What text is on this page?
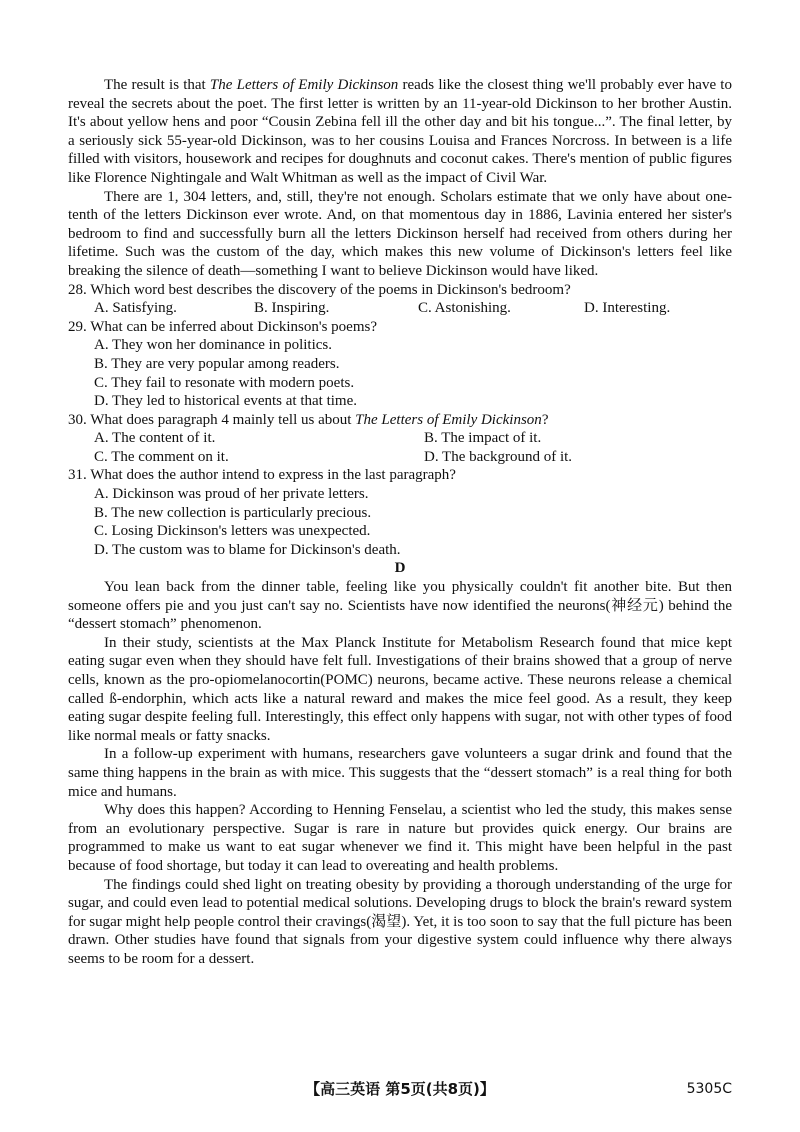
The result is that The Letters of Emily Dickinson reads like the closest thing we'll probably ever have to reveal the secrets about the poet. The first letter is written by an 11-year-old Dickinson to her brother Austin. It's about yellow hens and poor “Cousin Zebina fell ill the other day and bit his tongue...”. The final letter, by a seriously sick 55-year-old Dickinson, was to her cousins Louisa and Frances Norcross. In between is a life filled with visitors, housework and recipes for doughnuts and coconut cakes. There's mention of public figures like Florence Nightingale and Walt Whitman as well as the impact of Civil War.

There are 1, 304 letters, and, still, they're not enough. Scholars estimate that we only have about one-tenth of the letters Dickinson ever wrote. And, on that momentous day in 1886, Lavinia entered her sister's bedroom to find and successfully burn all the letters Dickinson herself had received from others during her lifetime. Such was the custom of the day, which makes this new volume of Dickinson's letters feel like breaking the silence of death—something I want to believe Dickinson would have liked.

28. Which word best describes the discovery of the poems in Dickinson's bedroom?

A. Satisfying.	B. Inspiring.	C. Astonishing.	D. Interesting.

29. What can be inferred about Dickinson's poems?

A. They won her dominance in politics.

B. They are very popular among readers.

C. They fail to resonate with modern poets.

D. They led to historical events at that time.

30. What does paragraph 4 mainly tell us about The Letters of Emily Dickinson?

A. The content of it.	B. The impact of it.
C. The comment on it.	D. The background of it.

31. What does the author intend to express in the last paragraph?

A. Dickinson was proud of her private letters.

B. The new collection is particularly precious.

C. Losing Dickinson's letters was unexpected.

D. The custom was to blame for Dickinson's death.

D

You lean back from the dinner table, feeling like you physically couldn't fit another bite. But then someone offers pie and you just can't say no. Scientists have now identified the neurons(神经元) behind the “dessert stomach” phenomenon.

In their study, scientists at the Max Planck Institute for Metabolism Research found that mice kept eating sugar even when they should have felt full. Investigations of their brains showed that a group of nerve cells, known as the pro-opiomelanocortin(POMC) neurons, became active. These neurons release a chemical called ß-endorphin, which acts like a natural reward and makes the mice feel good. As a result, they keep eating sugar despite feeling full. Interestingly, this effect only happens with sugar, not with other types of food like normal meals or fatty snacks.

In a follow-up experiment with humans, researchers gave volunteers a sugar drink and found that the same thing happens in the brain as with mice. This suggests that the “dessert stomach” is a real thing for both mice and humans.

Why does this happen? According to Henning Fenselau, a scientist who led the study, this makes sense from an evolutionary perspective. Sugar is rare in nature but provides quick energy. Our brains are programmed to make us want to eat sugar whenever we find it. This might have been helpful in the past because of food shortage, but today it can lead to overeating and health problems.

The findings could shed light on treating obesity by providing a thorough understanding of the urge for sugar, and could even lead to potential medical solutions. Developing drugs to block the brain's reward system for sugar might help people control their cravings(渴望). Yet, it is too soon to say that the full picture has been drawn. Other studies have found that signals from your digestive system could influence why there always seems to be room for a dessert.

【高三英语 第5页(共8页)】	5305C
